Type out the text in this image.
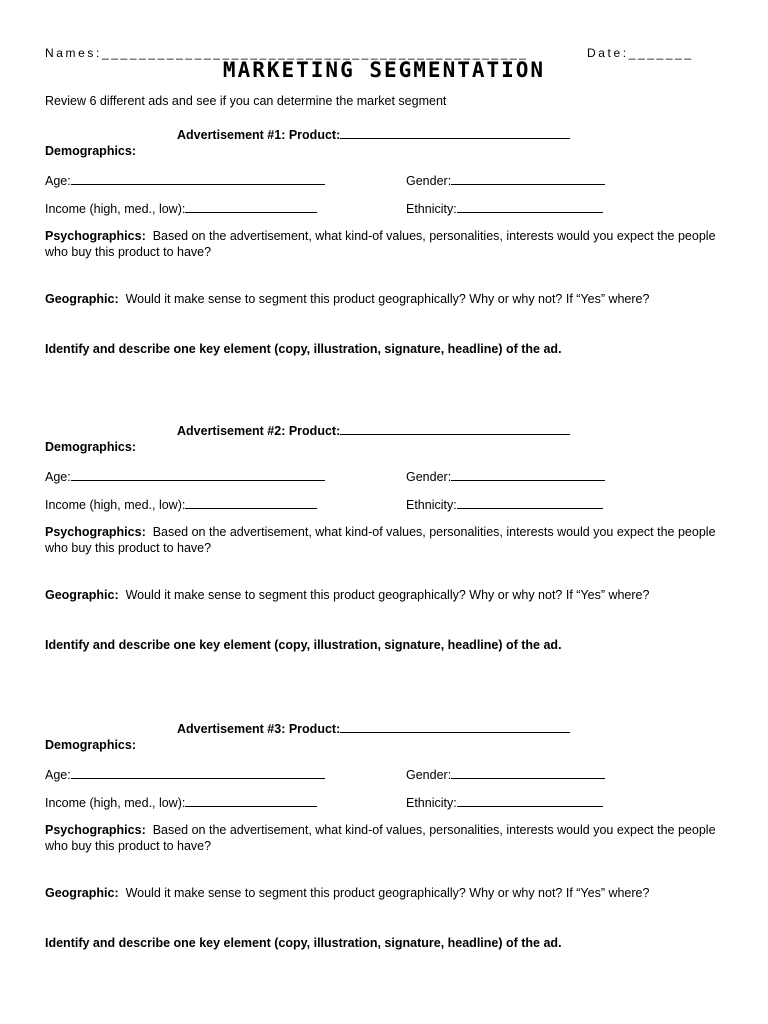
Names:______________________________________________	Date:_______
MARKETING SEGMENTATION
Review 6 different ads and see if you can determine the market segment
Advertisement #1: Product:
Demographics:
Age:	Gender:
Income (high, med., low):	Ethnicity:
Psychographics: Based on the advertisement, what kind-of values, personalities, interests would you expect the people who buy this product to have?
Geographic: Would it make sense to segment this product geographically? Why or why not? If “Yes” where?
Identify and describe one key element (copy, illustration, signature, headline) of the ad.
Advertisement #2: Product:
Demographics:
Age:	Gender:
Income (high, med., low):	Ethnicity:
Psychographics: Based on the advertisement, what kind-of values, personalities, interests would you expect the people who buy this product to have?
Geographic: Would it make sense to segment this product geographically? Why or why not? If “Yes” where?
Identify and describe one key element (copy, illustration, signature, headline) of the ad.
Advertisement #3: Product:
Demographics:
Age:	Gender:
Income (high, med., low):	Ethnicity:
Psychographics: Based on the advertisement, what kind-of values, personalities, interests would you expect the people who buy this product to have?
Geographic: Would it make sense to segment this product geographically? Why or why not? If “Yes” where?
Identify and describe one key element (copy, illustration, signature, headline) of the ad.
